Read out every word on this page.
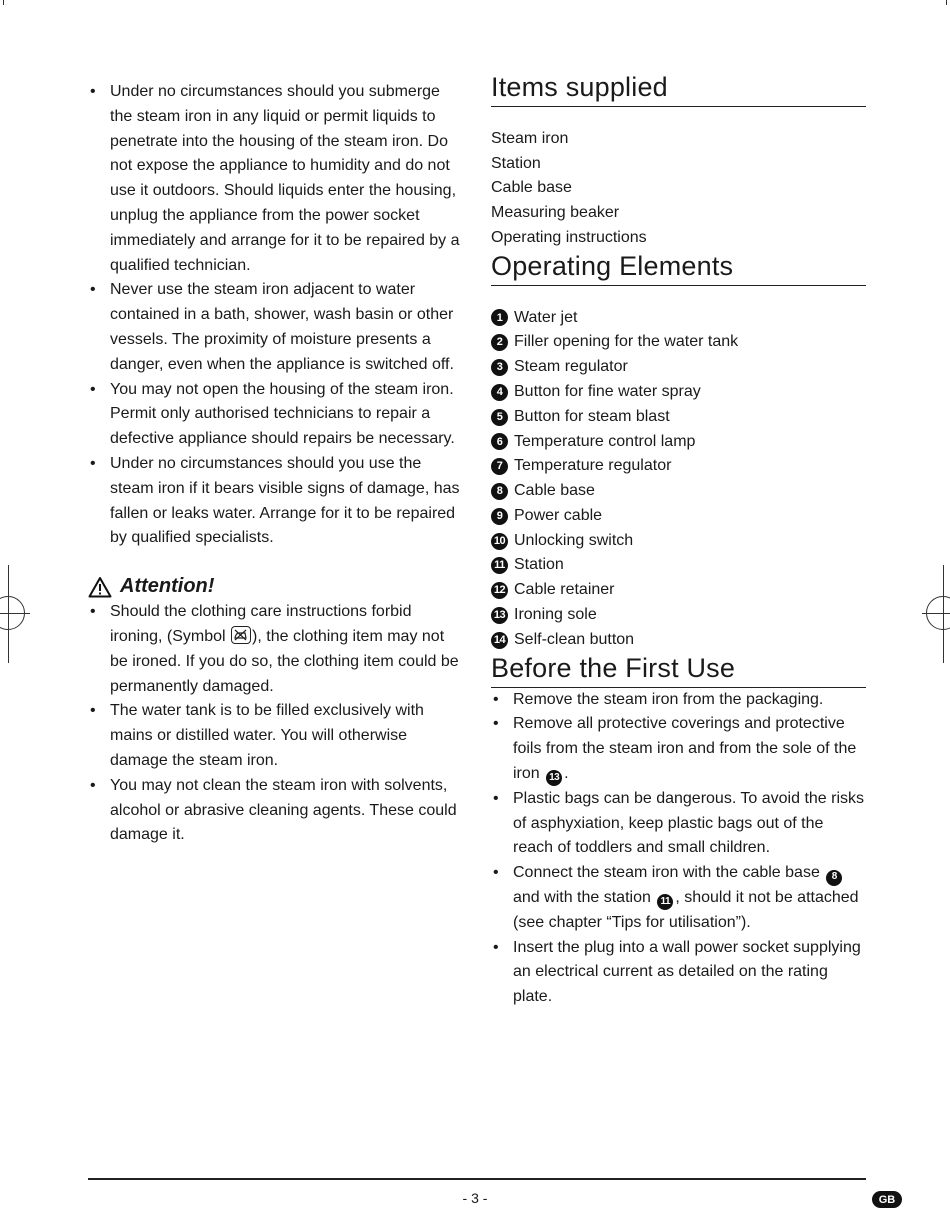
• Under no circumstances should you submerge the steam iron in any liquid or permit liquids to penetrate into the housing of the steam iron. Do not expose the appliance to humidity and do not use it outdoors. Should liquids enter the housing, unplug the appliance from the power socket immediately and arrange for it to be repaired by a qualified technician.
• Never use the steam iron adjacent to water contained in a bath, shower, wash basin or other vessels. The proximity of moisture presents a danger, even when the appliance is switched off.
• You may not open the housing of the steam iron. Permit only authorised technicians to repair a defective appliance should repairs be necessary.
• Under no circumstances should you use the steam iron if it bears visible signs of damage, has fallen or leaks water. Arrange for it to be repaired by qualified specialists.
Attention!
• Should the clothing care instructions forbid ironing, (Symbol
), the clothing item may not be ironed. If you do so, the clothing item could be permanently damaged.
• The water tank is to be filled exclusively with mains or distilled water. You will otherwise damage the steam iron.
• You may not clean the steam iron with solvents, alcohol or abrasive cleaning agents. These could damage it.
Items supplied
Steam iron
Station
Cable base
Measuring beaker
Operating instructions
Operating Elements
1 Water jet
2 Filler opening for the water tank
3 Steam regulator
4 Button for fine water spray
5 Button for steam blast
6 Temperature control lamp
7 Temperature regulator
8 Cable base
9 Power cable
10 Unlocking switch
11 Station
12 Cable retainer
13 Ironing sole
14 Self-clean button
Before the First Use
• Remove the steam iron from the packaging.
• Remove all protective coverings and protective foils from the steam iron and from the sole of the iron 13 .
• Plastic bags can be dangerous. To avoid the risks of asphyxiation, keep plastic bags out of the reach of toddlers and small children.
• Connect the steam iron with the cable base 8 and with the station 11 , should it not be attached (see chapter “Tips for utilisation”).
• Insert the plug into a wall power socket supplying an electrical current as detailed on the rating plate.
- 3 -	GB
